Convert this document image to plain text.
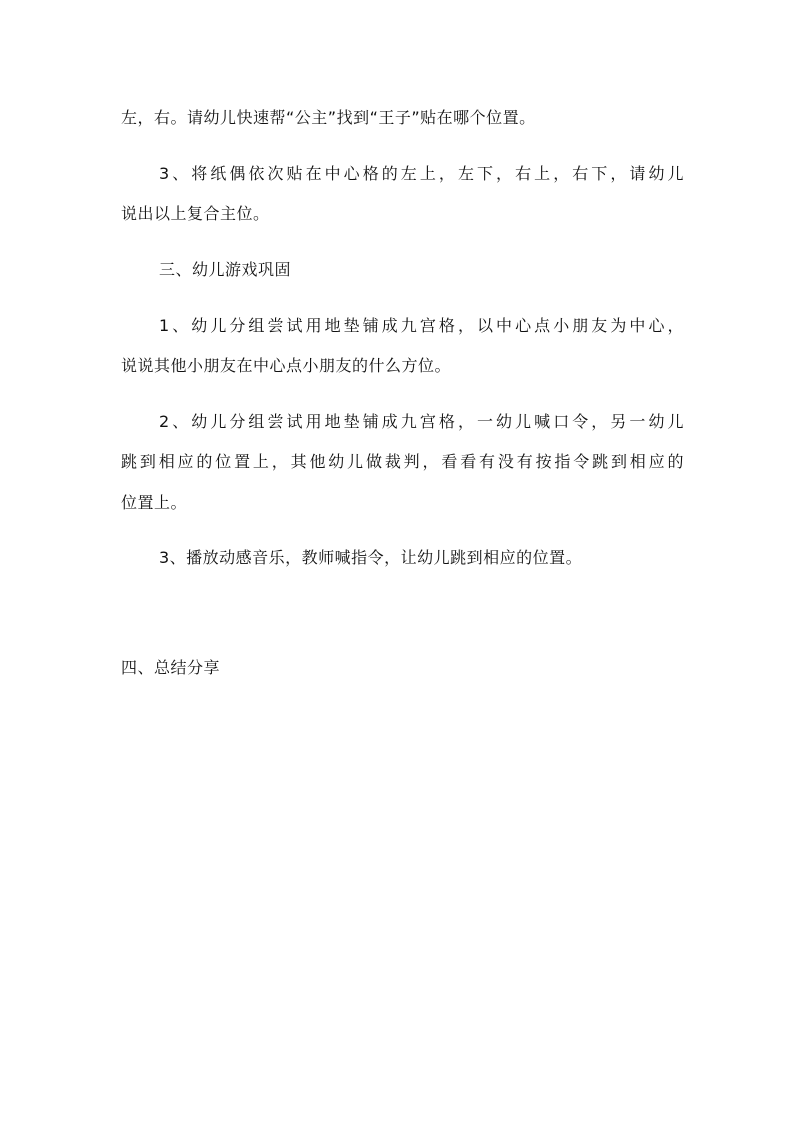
左，右。请幼儿快速帮“公主”找到“王子”贴在哪个位置。
3、将纸偶依次贴在中心格的左上，左下，右上，右下，请幼儿
说出以上复合主位。
三、幼儿游戏巩固
1、幼儿分组尝试用地垫铺成九宫格，以中心点小朋友为中心，
说说其他小朋友在中心点小朋友的什么方位。
2、幼儿分组尝试用地垫铺成九宫格，一幼儿喊口令，另一幼儿
跳到相应的位置上，其他幼儿做裁判，看看有没有按指令跳到相应的
位置上。
3、播放动感音乐，教师喊指令，让幼儿跳到相应的位置。
四、总结分享
